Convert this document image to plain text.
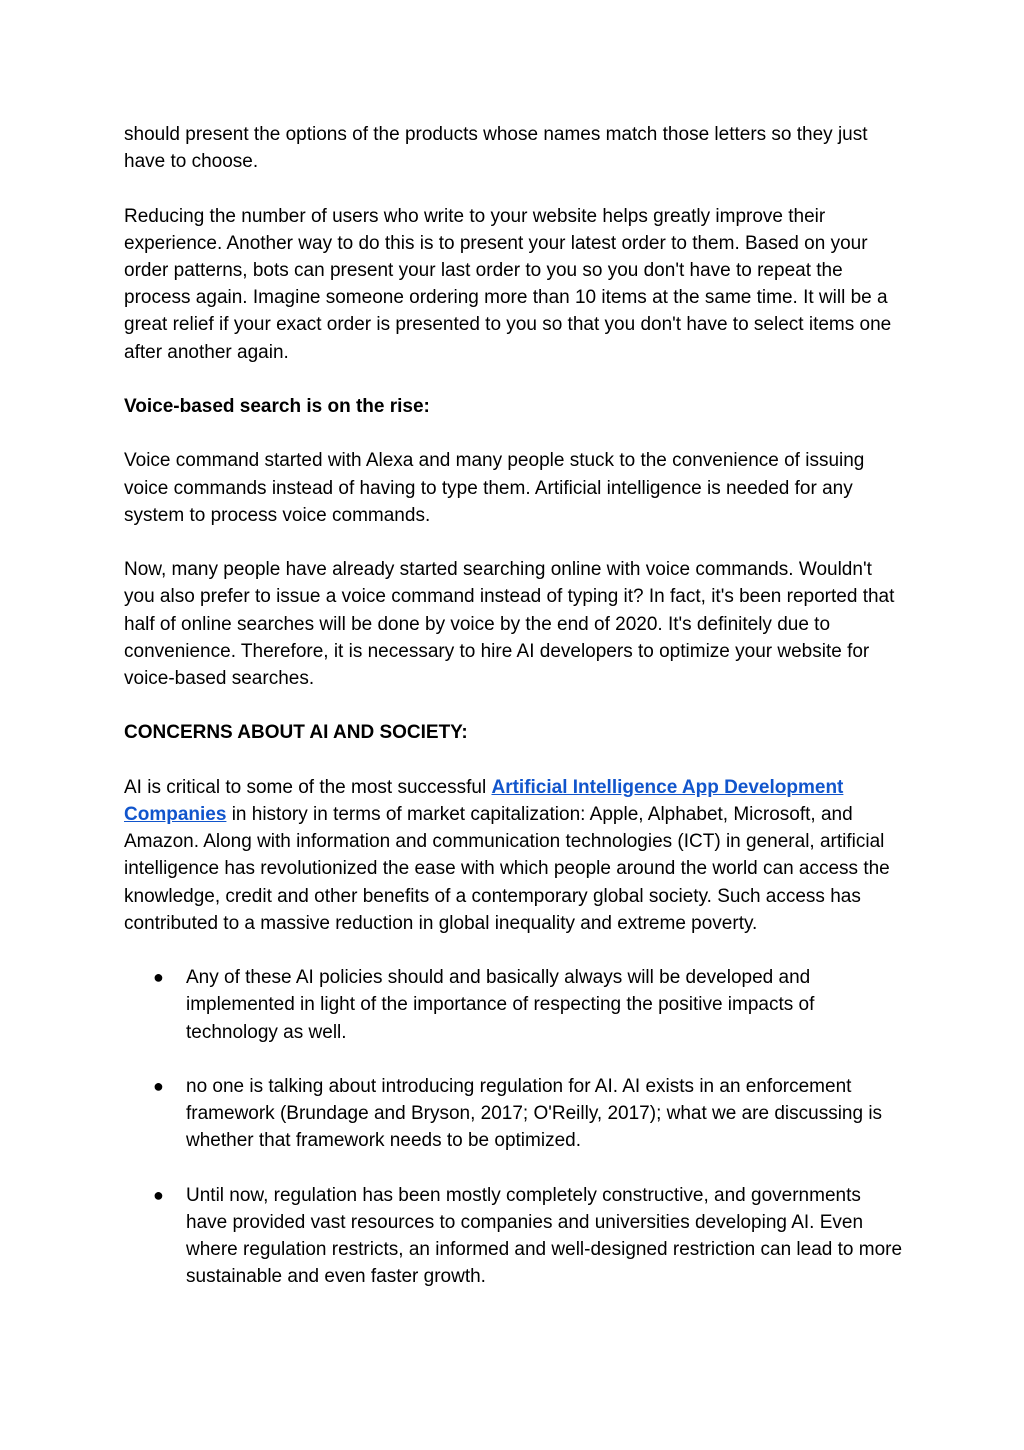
should present the options of the products whose names match those letters so they just have to choose.

Reducing the number of users who write to your website helps greatly improve their experience. Another way to do this is to present your latest order to them. Based on your order patterns, bots can present your last order to you so you don't have to repeat the process again. Imagine someone ordering more than 10 items at the same time. It will be a great relief if your exact order is presented to you so that you don't have to select items one after another again.

Voice-based search is on the rise:

Voice command started with Alexa and many people stuck to the convenience of issuing voice commands instead of having to type them. Artificial intelligence is needed for any system to process voice commands.

Now, many people have already started searching online with voice commands. Wouldn't you also prefer to issue a voice command instead of typing it? In fact, it's been reported that half of online searches will be done by voice by the end of 2020. It's definitely due to convenience. Therefore, it is necessary to hire AI developers to optimize your website for voice-based searches.

CONCERNS ABOUT AI AND SOCIETY:

AI is critical to some of the most successful Artificial Intelligence App Development Companies in history in terms of market capitalization: Apple, Alphabet, Microsoft, and Amazon. Along with information and communication technologies (ICT) in general, artificial intelligence has revolutionized the ease with which people around the world can access the knowledge, credit and other benefits of a contemporary global society. Such access has contributed to a massive reduction in global inequality and extreme poverty.

● Any of these AI policies should and basically always will be developed and implemented in light of the importance of respecting the positive impacts of technology as well.
● no one is talking about introducing regulation for AI. AI exists in an enforcement framework (Brundage and Bryson, 2017; O'Reilly, 2017); what we are discussing is whether that framework needs to be optimized.
● Until now, regulation has been mostly completely constructive, and governments have provided vast resources to companies and universities developing AI. Even where regulation restricts, an informed and well-designed restriction can lead to more sustainable and even faster growth.
